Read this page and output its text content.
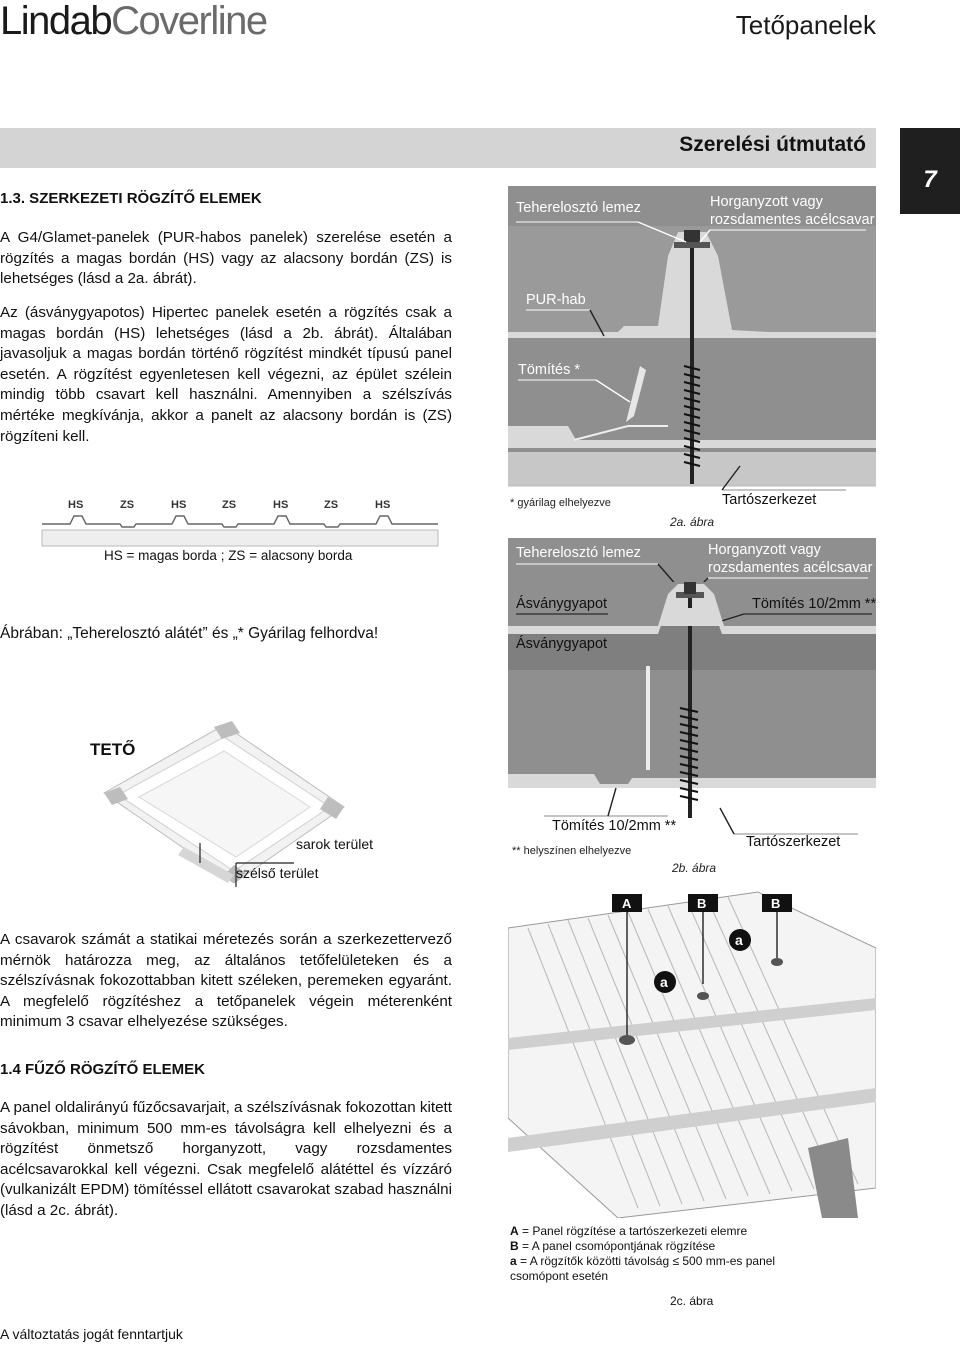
LindabCoverline	Tetőpanelek
Szerelési útmutató
7
1.3. SZERKEZETI RÖGZÍTŐ ELEMEK
A G4/Glamet-panelek (PUR-habos panelek) szerelése esetén a rögzítés a magas bordán (HS) vagy az alacsony bordán (ZS) is lehetséges (lásd a 2a. ábrát).
Az (ásványgyapotos) Hipertec panelek esetén a rögzítés csak a magas bordán (HS) lehetséges (lásd a 2b. ábrát). Általában javasoljuk a magas bordán történő rögzítést mindkét típusú panel esetén. A rögzítést egyenletesen kell végezni, az épület szélein mindig több csavart kell használni. Amennyiben a szélszívás mértéke megkívánja, akkor a panelt az alacsony bordán is (ZS) rögzíteni kell.
HS	ZS	HS	ZS	HS	ZS	HS
HS = magas borda ; ZS = alacsony borda
Ábrában: „Teherelosztó alátét” és „* Gyárilag felhordva!
TETŐ
sarok terület
szélső terület
A csavarok számát a statikai méretezés során a szerkezettervező mérnök határozza meg, az általános tetőfelületeken és a szélszívásnak fokozottabban kitett széleken, peremeken egyaránt. A megfelelő rögzítéshez a tetőpanelek végein méterenként minimum 3 csavar elhelyezése szükséges.
1.4 FŰZŐ RÖGZÍTŐ ELEMEK
A panel oldalirányú fűzőcsavarjait, a szélszívásnak fokozottan kitett sávokban, minimum 500 mm-es távolságra kell elhelyezni és a rögzítést önmetsző horganyzott, vagy rozsdamentes acélcsavarokkal kell végezni. Csak megfelelő alátéttel és vízzáró (vulkanizált EPDM) tömítéssel ellátott csavarokat szabad használni (lásd a 2c. ábrát).
A változtatás jogát fenntartjuk
Teherelosztó lemez	Horganyzott vagy
rozsdamentes acélcsavar
PUR-hab
Tömítés *
* gyárilag elhelyezve	Tartószerkezet
2a. ábra
Teherelosztó lemez	Horganyzott vagy
rozsdamentes acélcsavar
Ásványgyapot
Ásványgyapot	Tömítés 10/2mm **
Tömítés 10/2mm **
** helyszínen elhelyezve
Tartószerkezet
2b. ábra
A	B	B
a
a
A = Panel rögzítése a tartószerkezeti elemre
B = A panel csomópontjának rögzítése
a = A rögzítők közötti távolság ≤ 500 mm-es panel csomópont esetén
2c. ábra
